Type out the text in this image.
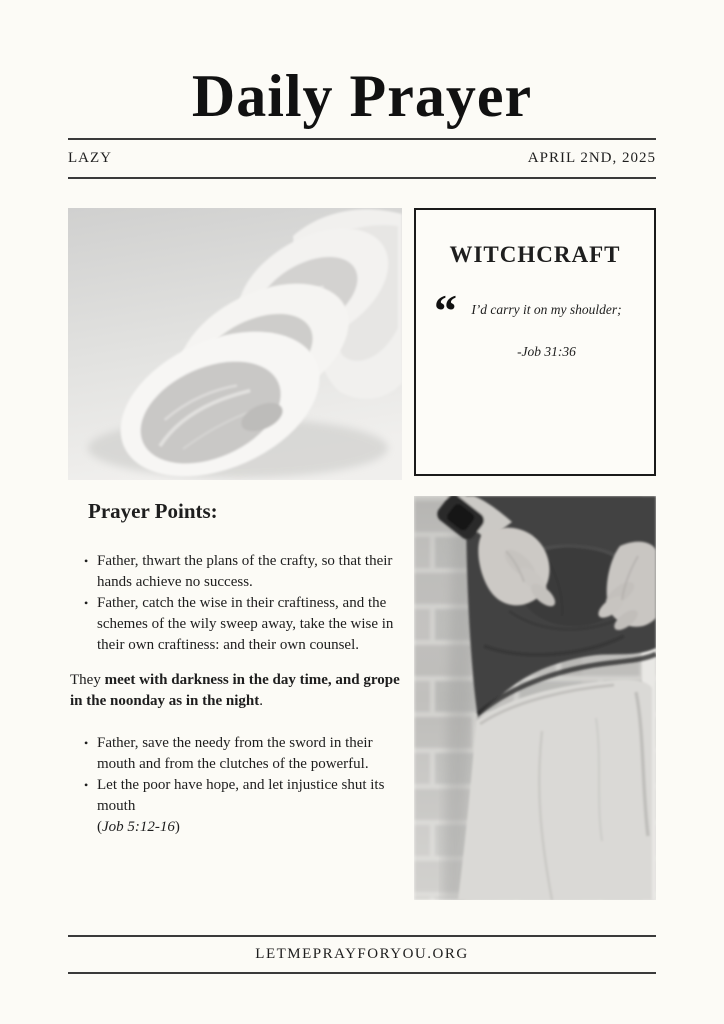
Daily Prayer
LAZY	APRIL 2ND, 2025
WITCHCRAFT
“	I’d carry it on my shoulder;

-Job 31:36

Prayer Points:
• Father, thwart the plans of the crafty, so that their hands achieve no success.
• Father, catch the wise in their craftiness, and the schemes of the wily sweep away, take the wise in their own craftiness: and their own counsel.

They meet with darkness in the day time, and grope in the noonday as in the night.

• Father, save the needy from the sword in their mouth and from the clutches of the powerful.
• Let the poor have hope, and let injustice shut its mouth
(Job 5:12-16)
LETMEPRAYFORYOU.ORG
